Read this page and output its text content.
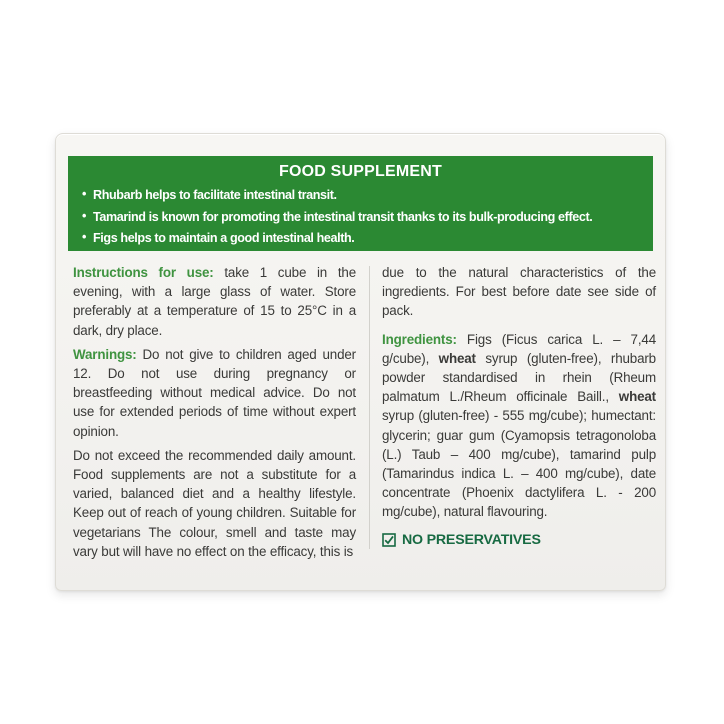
FOOD SUPPLEMENT
• Rhubarb helps to facilitate intestinal transit.
• Tamarind is known for promoting the intestinal transit thanks to its bulk-producing effect.
• Figs helps to maintain a good intestinal health.
Instructions for use: take 1 cube in the evening, with a large glass of water. Store preferably at a temperature of 15 to 25°C in a dark, dry place.
Warnings: Do not give to children aged under 12. Do not use during pregnancy or breastfeeding without medical advice. Do not use for extended periods of time without expert opinion.
Do not exceed the recommended daily amount. Food supplements are not a substitute for a varied, balanced diet and a healthy lifestyle. Keep out of reach of young children. Suitable for vegetarians The colour, smell and taste may vary but will have no effect on the efficacy, this is
due to the natural characteristics of the ingredients. For best before date see side of pack.
Ingredients: Figs (Ficus carica L. – 7,44 g/cube), wheat syrup (gluten-free), rhubarb powder standardised in rhein (Rheum palmatum L./Rheum officinale Baill., wheat syrup (gluten-free) - 555 mg/cube); humectant: glycerin; guar gum (Cyamopsis tetragonoloba (L.) Taub – 400 mg/cube), tamarind pulp (Tamarindus indica L. – 400 mg/cube), date concentrate (Phoenix dactylifera L. - 200 mg/cube), natural flavouring.
NO PRESERVATIVES
